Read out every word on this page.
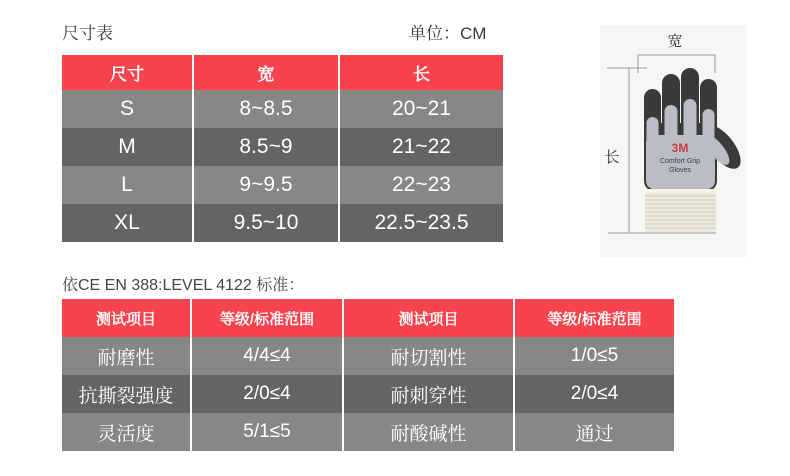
尺寸表	单位：CM
尺寸	宽	长
S	8~8.5	20~21
M	8.5~9	21~22
L	9~9.5	22~23
XL	9.5~10	22.5~23.5
宽
长
3M
Comfort Grip
Gloves
依CE EN 388:LEVEL 4122 标准：
测试项目	等级/标准范围	测试项目	等级/标准范围
耐磨性	4/4≤4	耐切割性	1/0≤5
抗撕裂强度	2/0≤4	耐刺穿性	2/0≤4
灵活度	5/1≤5	耐酸碱性	通过
